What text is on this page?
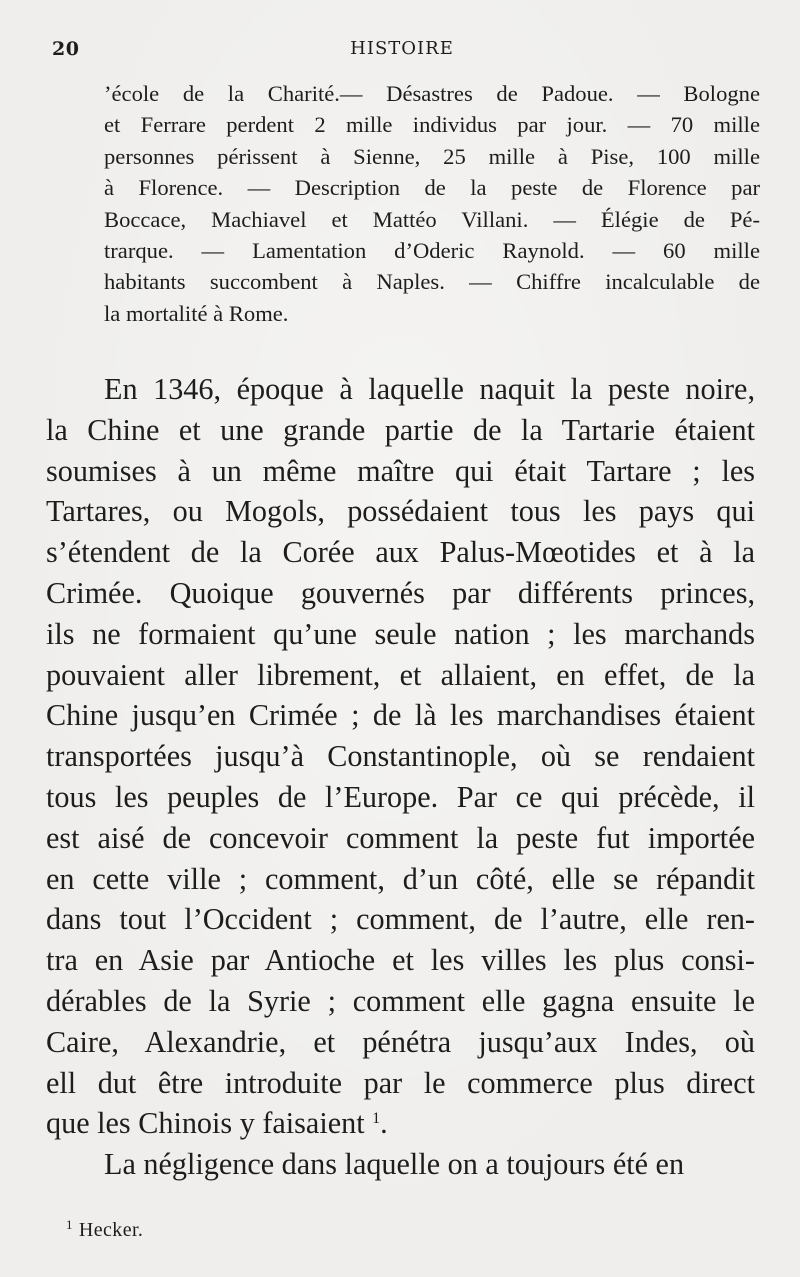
20	HISTOIRE
’école de la Charité.— Désastres de Padoue. — Bologne
et Ferrare perdent 2 mille individus par jour. — 70 mille
personnes périssent à Sienne, 25 mille à Pise, 100 mille
à Florence. — Description de la peste de Florence par
Boccace, Machiavel et Mattéo Villani. — Élégie de Pé-
trarque. — Lamentation d’Oderic Raynold. — 60 mille
habitants succombent à Naples. — Chiffre incalculable de
la mortalité à Rome.
En 1346, époque à laquelle naquit la peste noire,
la Chine et une grande partie de la Tartarie étaient
soumises à un même maître qui était Tartare ; les
Tartares, ou Mogols, possédaient tous les pays qui
s’étendent de la Corée aux Palus-Mœotides et à la
Crimée. Quoique gouvernés par différents princes,
ils ne formaient qu’une seule nation ; les marchands
pouvaient aller librement, et allaient, en effet, de la
Chine jusqu’en Crimée ; de là les marchandises étaient
transportées jusqu’à Constantinople, où se rendaient
tous les peuples de l’Europe. Par ce qui précède, il
est aisé de concevoir comment la peste fut importée
en cette ville ; comment, d’un côté, elle se répandit
dans tout l’Occident ; comment, de l’autre, elle ren-
tra en Asie par Antioche et les villes les plus consi-
dérables de la Syrie ; comment elle gagna ensuite le
Caire, Alexandrie, et pénétra jusqu’aux Indes, où
ell dut être introduite par le commerce plus direct
que les Chinois y faisaient $^1$.
La négligence dans laquelle on a toujours été en
$^1$ Hecker.
